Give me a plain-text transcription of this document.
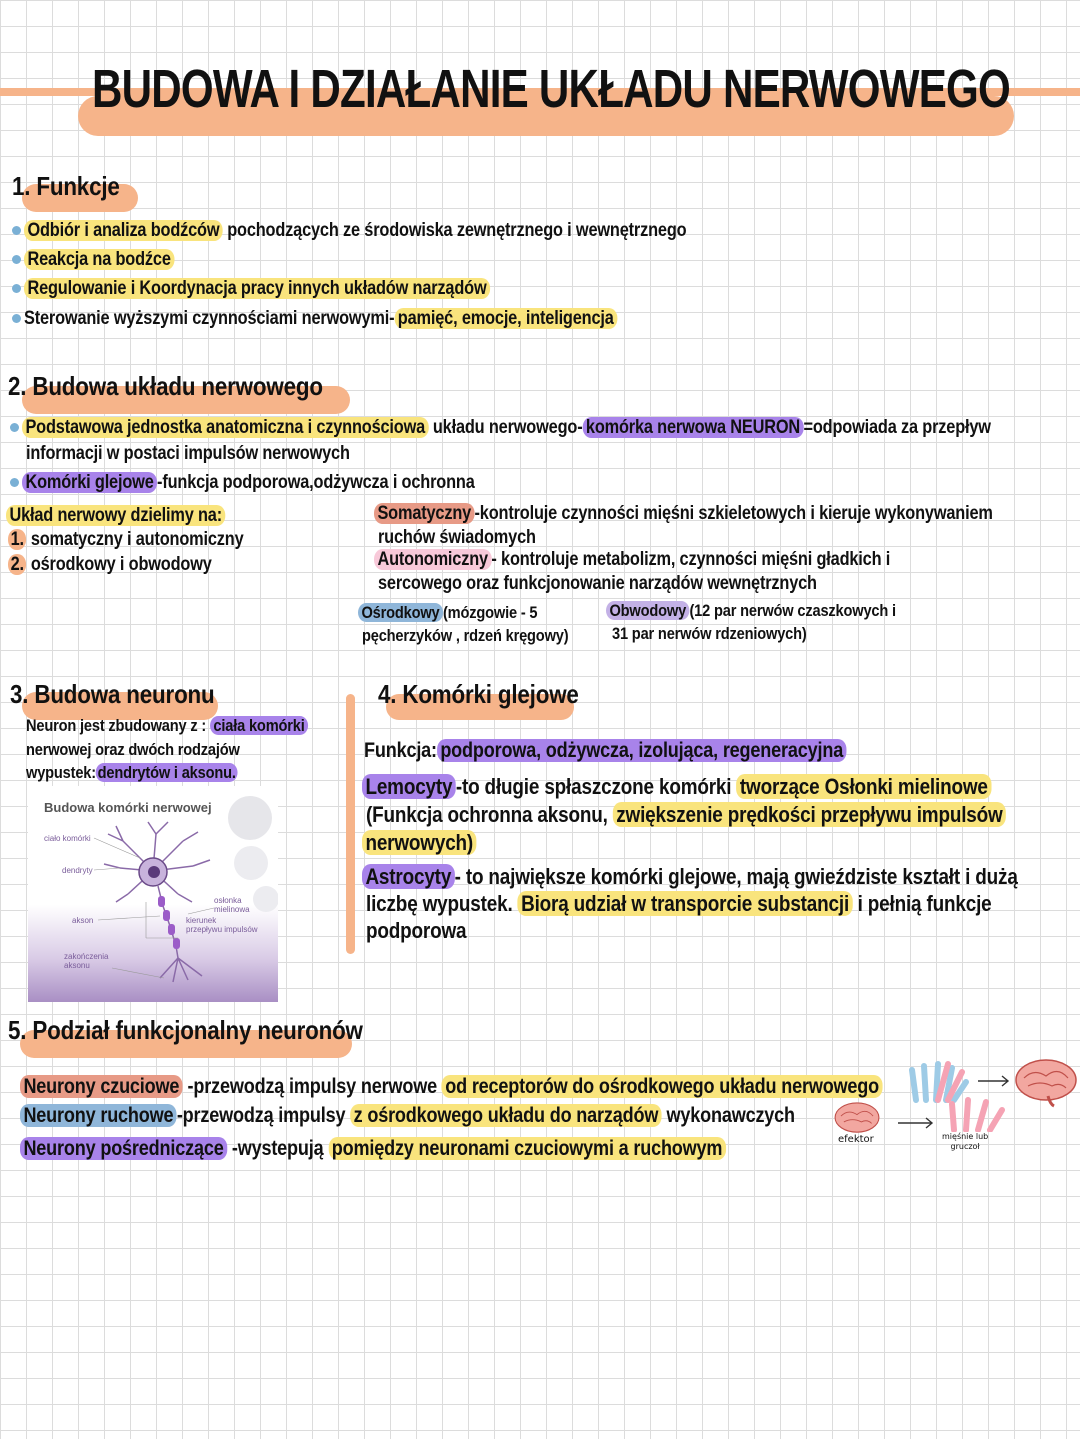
BUDOWA I DZIAŁANIE UKŁADU NERWOWEGO
1. Funkcje
Odbiór i analiza bodźców pochodzących ze środowiska zewnętrznego i wewnętrznego
Reakcja na bodźce
Regulowanie i Koordynacja pracy innych układów narządów
Sterowanie wyższymi czynnościami nerwowymi- pamięć, emocje, inteligencja
2. Budowa układu nerwowego
Podstawowa jednostka anatomiczna i czynnościowa układu nerwowego- komórka nerwowa NEURON =odpowiada za przepływ
informacji w postaci impulsów nerwowych
Komórki glejowe -funkcja podporowa,odżywcza i ochronna
Układ nerwowy dzielimy na:
1. somatyczny i autonomiczny
2. ośrodkowy i obwodowy
Somatyczny -kontroluje czynności mięśni szkieletowych i kieruje wykonywaniem
ruchów świadomych
Autonomiczny - kontroluje metabolizm, czynności mięśni gładkich i
sercowego oraz funkcjonowanie narządów wewnętrznych
Ośrodkowy (mózgowie - 5
pęcherzyków , rdzeń kręgowy)
Obwodowy (12 par nerwów czaszkowych i
31 par nerwów rdzeniowych)
3. Budowa neuronu
Neuron jest zbudowany z : ciała komórki
nerwowej oraz dwóch rodzajów
wypustek: dendrytów i aksonu.
Budowa komórki nerwowej
ciało komórki
dendryty
akson
osłonka
mielinowa
kierunek
przepływu impulsów
zakończenia
aksonu
4. Komórki glejowe
Funkcja: podporowa, odżywcza, izolująca, regeneracyjna
Lemocyty -to długie spłaszczone komórki tworzące Osłonki mielinowe
(Funkcja ochronna aksonu, zwiększenie prędkości przepływu impulsów
nerwowych)
Astrocyty - to największe komórki glejowe, mają gwieździste kształt i dużą
liczbę wypustek. Biorą udział w transporcie substancji i pełnią funkcje
podporowa
5. Podział funkcjonalny neuronów
Neurony czuciowe -przewodzą impulsy nerwowe od receptorów do ośrodkowego układu nerwowego
Neurony ruchowe -przewodzą impulsy z ośrodkowego układu do narządów wykonawczych
Neurony pośredniczące -wystepują pomiędzy neuronami czuciowymi a ruchowym	efektor	mięśnie lub
gruczoł
